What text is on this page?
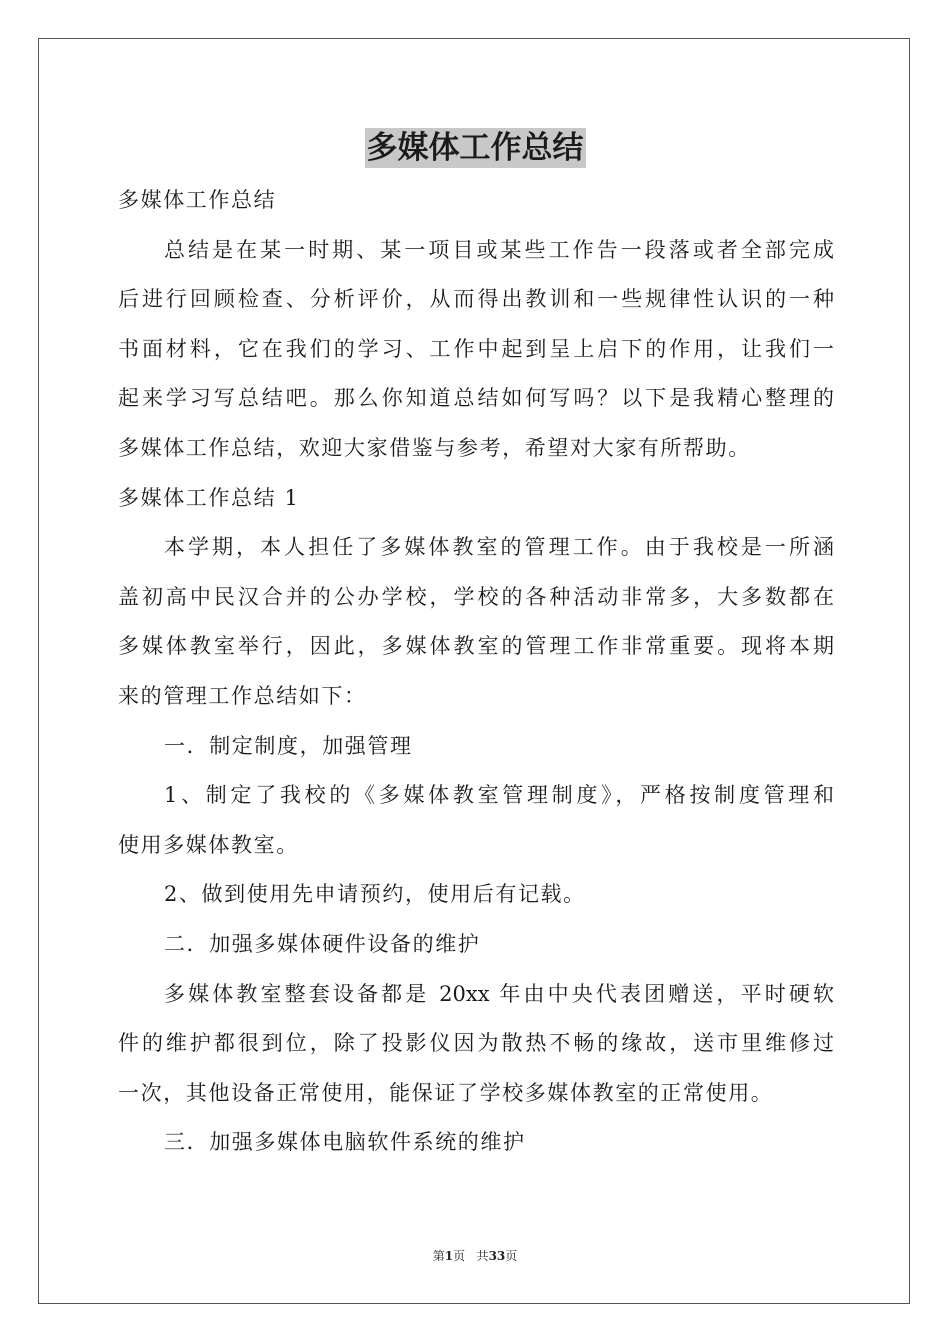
多媒体工作总结
多媒体工作总结
总结是在某一时期、某一项目或某些工作告一段落或者全部完成
后进行回顾检查、分析评价，从而得出教训和一些规律性认识的一种
书面材料，它在我们的学习、工作中起到呈上启下的作用，让我们一
起来学习写总结吧。那么你知道总结如何写吗？以下是我精心整理的
多媒体工作总结，欢迎大家借鉴与参考，希望对大家有所帮助。
多媒体工作总结 1
本学期，本人担任了多媒体教室的管理工作。由于我校是一所涵
盖初高中民汉合并的公办学校，学校的各种活动非常多，大多数都在
多媒体教室举行，因此，多媒体教室的管理工作非常重要。现将本期
来的管理工作总结如下：
一．制定制度，加强管理
1、制定了我校的《多媒体教室管理制度》，严格按制度管理和
使用多媒体教室。
2、做到使用先申请预约，使用后有记载。
二．加强多媒体硬件设备的维护
多媒体教室整套设备都是 20xx 年由中央代表团赠送，平时硬软
件的维护都很到位，除了投影仪因为散热不畅的缘故，送市里维修过
一次，其他设备正常使用，能保证了学校多媒体教室的正常使用。
三．加强多媒体电脑软件系统的维护
第1页 共33页
